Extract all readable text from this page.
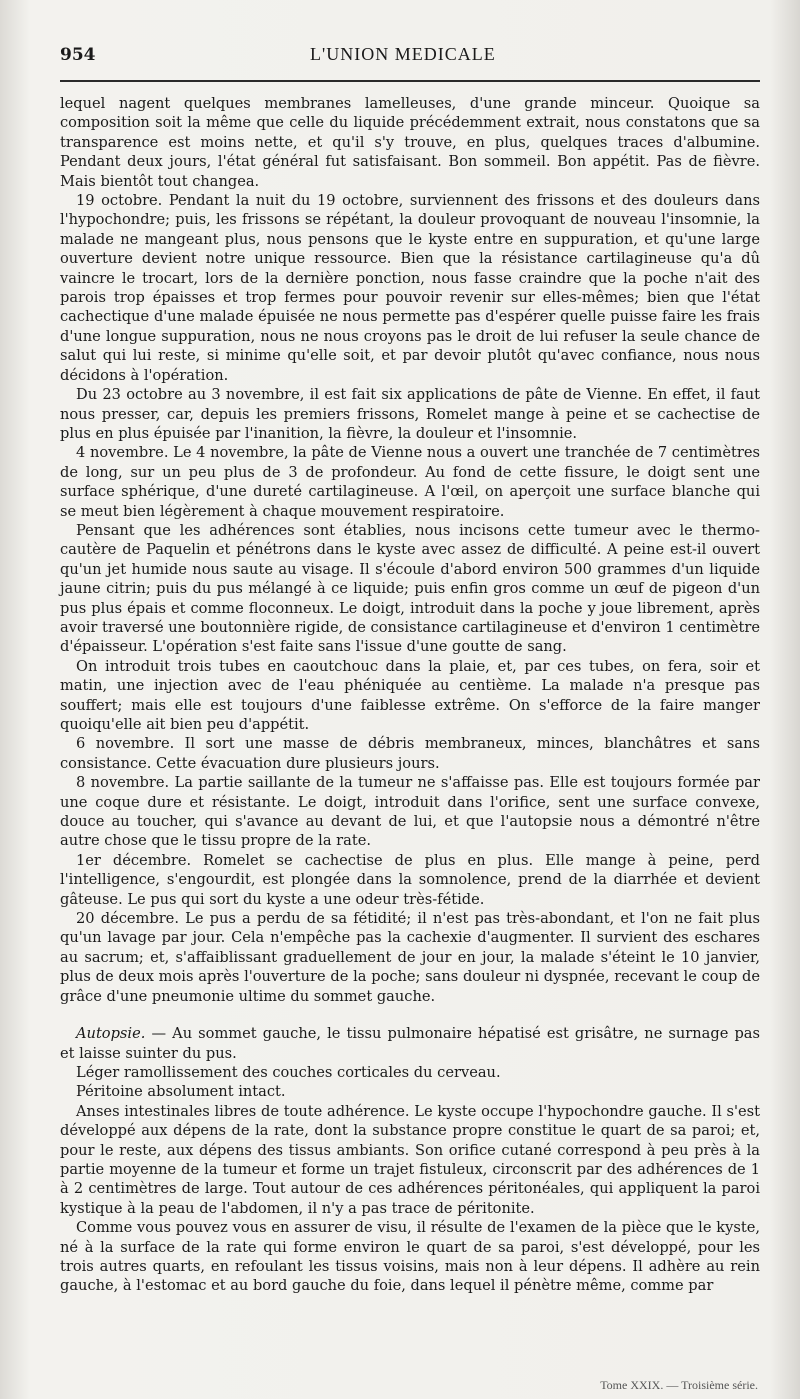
954	L'UNION MEDICALE

lequel nagent quelques membranes lamelleuses, d'une grande minceur. Quoique sa composition soit la même que celle du liquide précédemment extrait, nous constatons que sa transparence est moins nette, et qu'il s'y trouve, en plus, quelques traces d'albumine. Pendant deux jours, l'état général fut satisfaisant. Bon sommeil. Bon appétit. Pas de fièvre. Mais bientôt tout changea.

19 octobre. Pendant la nuit du 19 octobre, surviennent des frissons et des douleurs dans l'hypochondre; puis, les frissons se répétant, la douleur provoquant de nouveau l'insomnie, la malade ne mangeant plus, nous pensons que le kyste entre en suppuration, et qu'une large ouverture devient notre unique ressource. Bien que la résistance cartilagineuse qu'a dû vaincre le trocart, lors de la dernière ponction, nous fasse craindre que la poche n'ait des parois trop épaisses et trop fermes pour pouvoir revenir sur elles-mêmes; bien que l'état cachectique d'une malade épuisée ne nous permette pas d'espérer quelle puisse faire les frais d'une longue suppuration, nous ne nous croyons pas le droit de lui refuser la seule chance de salut qui lui reste, si minime qu'elle soit, et par devoir plutôt qu'avec confiance, nous nous décidons à l'opération.

Du 23 octobre au 3 novembre, il est fait six applications de pâte de Vienne. En effet, il faut nous presser, car, depuis les premiers frissons, Romelet mange à peine et se cachectise de plus en plus épuisée par l'inanition, la fièvre, la douleur et l'insomnie.

4 novembre. Le 4 novembre, la pâte de Vienne nous a ouvert une tranchée de 7 centimètres de long, sur un peu plus de 3 de profondeur. Au fond de cette fissure, le doigt sent une surface sphérique, d'une dureté cartilagineuse. A l'œil, on aperçoit une surface blanche qui se meut bien légèrement à chaque mouvement respiratoire.

Pensant que les adhérences sont établies, nous incisons cette tumeur avec le thermo-cautère de Paquelin et pénétrons dans le kyste avec assez de difficulté. A peine est-il ouvert qu'un jet humide nous saute au visage. Il s'écoule d'abord environ 500 grammes d'un liquide jaune citrin; puis du pus mélangé à ce liquide; puis enfin gros comme un œuf de pigeon d'un pus plus épais et comme floconneux. Le doigt, introduit dans la poche y joue librement, après avoir traversé une boutonnière rigide, de consistance cartilagineuse et d'environ 1 centimètre d'épaisseur. L'opération s'est faite sans l'issue d'une goutte de sang.

On introduit trois tubes en caoutchouc dans la plaie, et, par ces tubes, on fera, soir et matin, une injection avec de l'eau phéniquée au centième. La malade n'a presque pas souffert; mais elle est toujours d'une faiblesse extrême. On s'efforce de la faire manger quoiqu'elle ait bien peu d'appétit.

6 novembre. Il sort une masse de débris membraneux, minces, blanchâtres et sans consistance. Cette évacuation dure plusieurs jours.

8 novembre. La partie saillante de la tumeur ne s'affaisse pas. Elle est toujours formée par une coque dure et résistante. Le doigt, introduit dans l'orifice, sent une surface convexe, douce au toucher, qui s'avance au devant de lui, et que l'autopsie nous a démontré n'être autre chose que le tissu propre de la rate.

1er décembre. Romelet se cachectise de plus en plus. Elle mange à peine, perd l'intelligence, s'engourdit, est plongée dans la somnolence, prend de la diarrhée et devient gâteuse. Le pus qui sort du kyste a une odeur très-fétide.

20 décembre. Le pus a perdu de sa fétidité; il n'est pas très-abondant, et l'on ne fait plus qu'un lavage par jour. Cela n'empêche pas la cachexie d'augmenter. Il survient des eschares au sacrum; et, s'affaiblissant graduellement de jour en jour, la malade s'éteint le 10 janvier, plus de deux mois après l'ouverture de la poche; sans douleur ni dyspnée, recevant le coup de grâce d'une pneumonie ultime du sommet gauche.

Autopsie. — Au sommet gauche, le tissu pulmonaire hépatisé est grisâtre, ne surnage pas et laisse suinter du pus.

Léger ramollissement des couches corticales du cerveau.

Péritoine absolument intact.

Anses intestinales libres de toute adhérence. Le kyste occupe l'hypochondre gauche. Il s'est développé aux dépens de la rate, dont la substance propre constitue le quart de sa paroi; et, pour le reste, aux dépens des tissus ambiants. Son orifice cutané correspond à peu près à la partie moyenne de la tumeur et forme un trajet fistuleux, circonscrit par des adhérences de 1 à 2 centimètres de large. Tout autour de ces adhérences péritonéales, qui appliquent la paroi kystique à la peau de l'abdomen, il n'y a pas trace de péritonite.

Comme vous pouvez vous en assurer de visu, il résulte de l'examen de la pièce que le kyste, né à la surface de la rate qui forme environ le quart de sa paroi, s'est développé, pour les trois autres quarts, en refoulant les tissus voisins, mais non à leur dépens. Il adhère au rein gauche, à l'estomac et au bord gauche du foie, dans lequel il pénètre même, comme par

Tome XXIX. — Troisième série.
